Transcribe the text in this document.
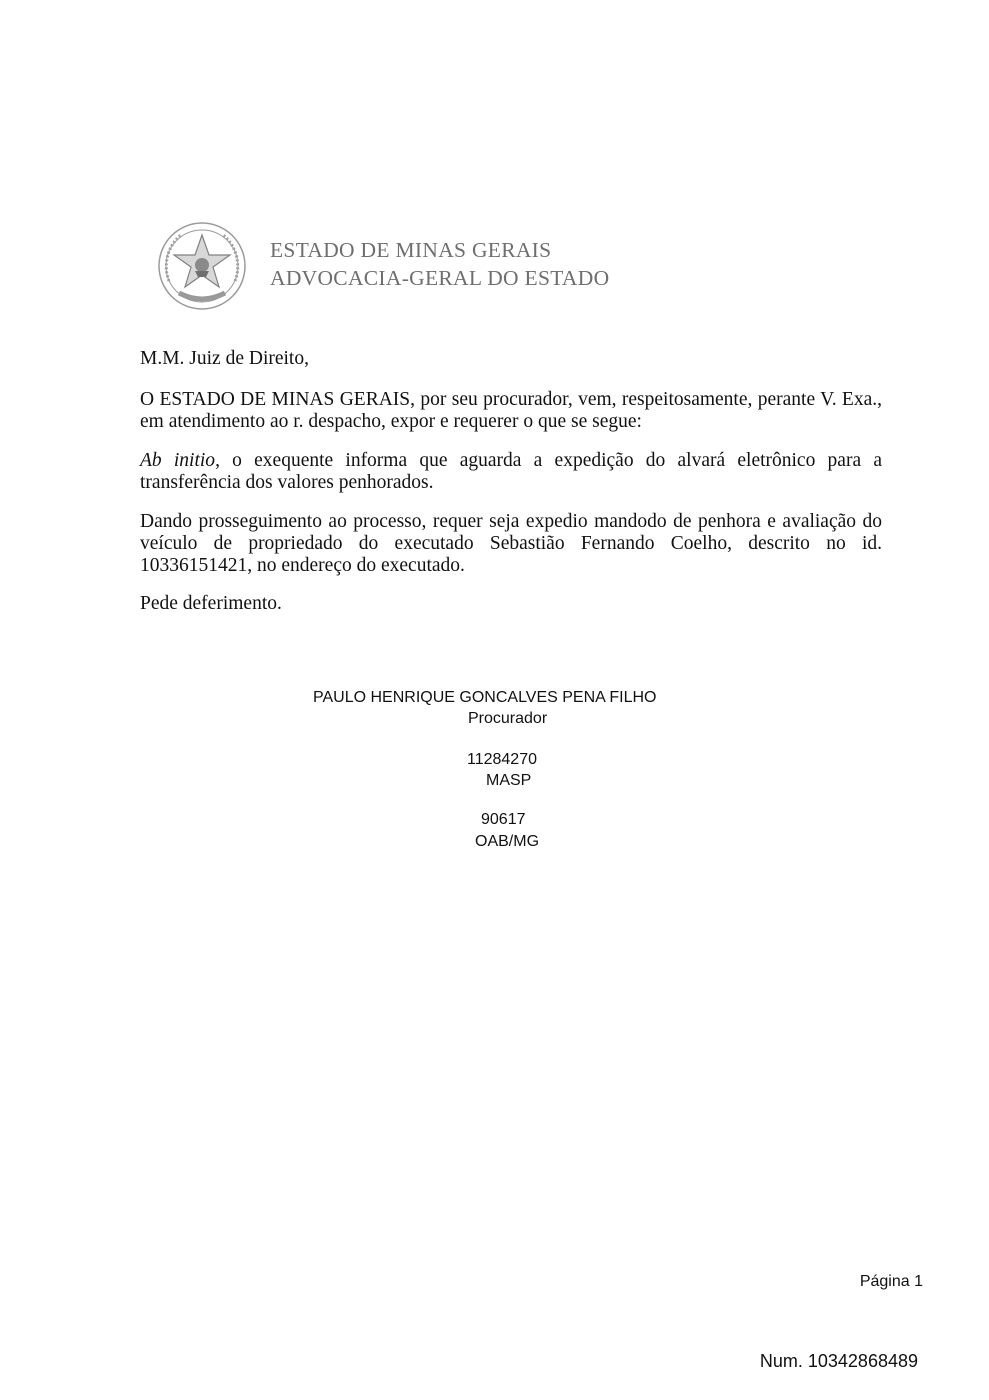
ESTADO DE MINAS GERAIS
ADVOCACIA-GERAL DO ESTADO

M.M. Juiz de Direito,

O ESTADO DE MINAS GERAIS, por seu procurador, vem, respeitosamente, perante V. Exa., em atendimento ao r. despacho, expor e requerer o que se segue:

Ab initio, o exequente informa que aguarda a expedição do alvará eletrônico para a transferência dos valores penhorados.

Dando prosseguimento ao processo, requer seja expedio mandodo de penhora e avaliação do veículo de propriedado do executado Sebastião Fernando Coelho, descrito no id. 10336151421, no endereço do executado.

Pede deferimento.

PAULO HENRIQUE GONCALVES PENA FILHO
Procurador
11284270
MASP
90617
OAB/MG
Página 1
Num. 10342868489
